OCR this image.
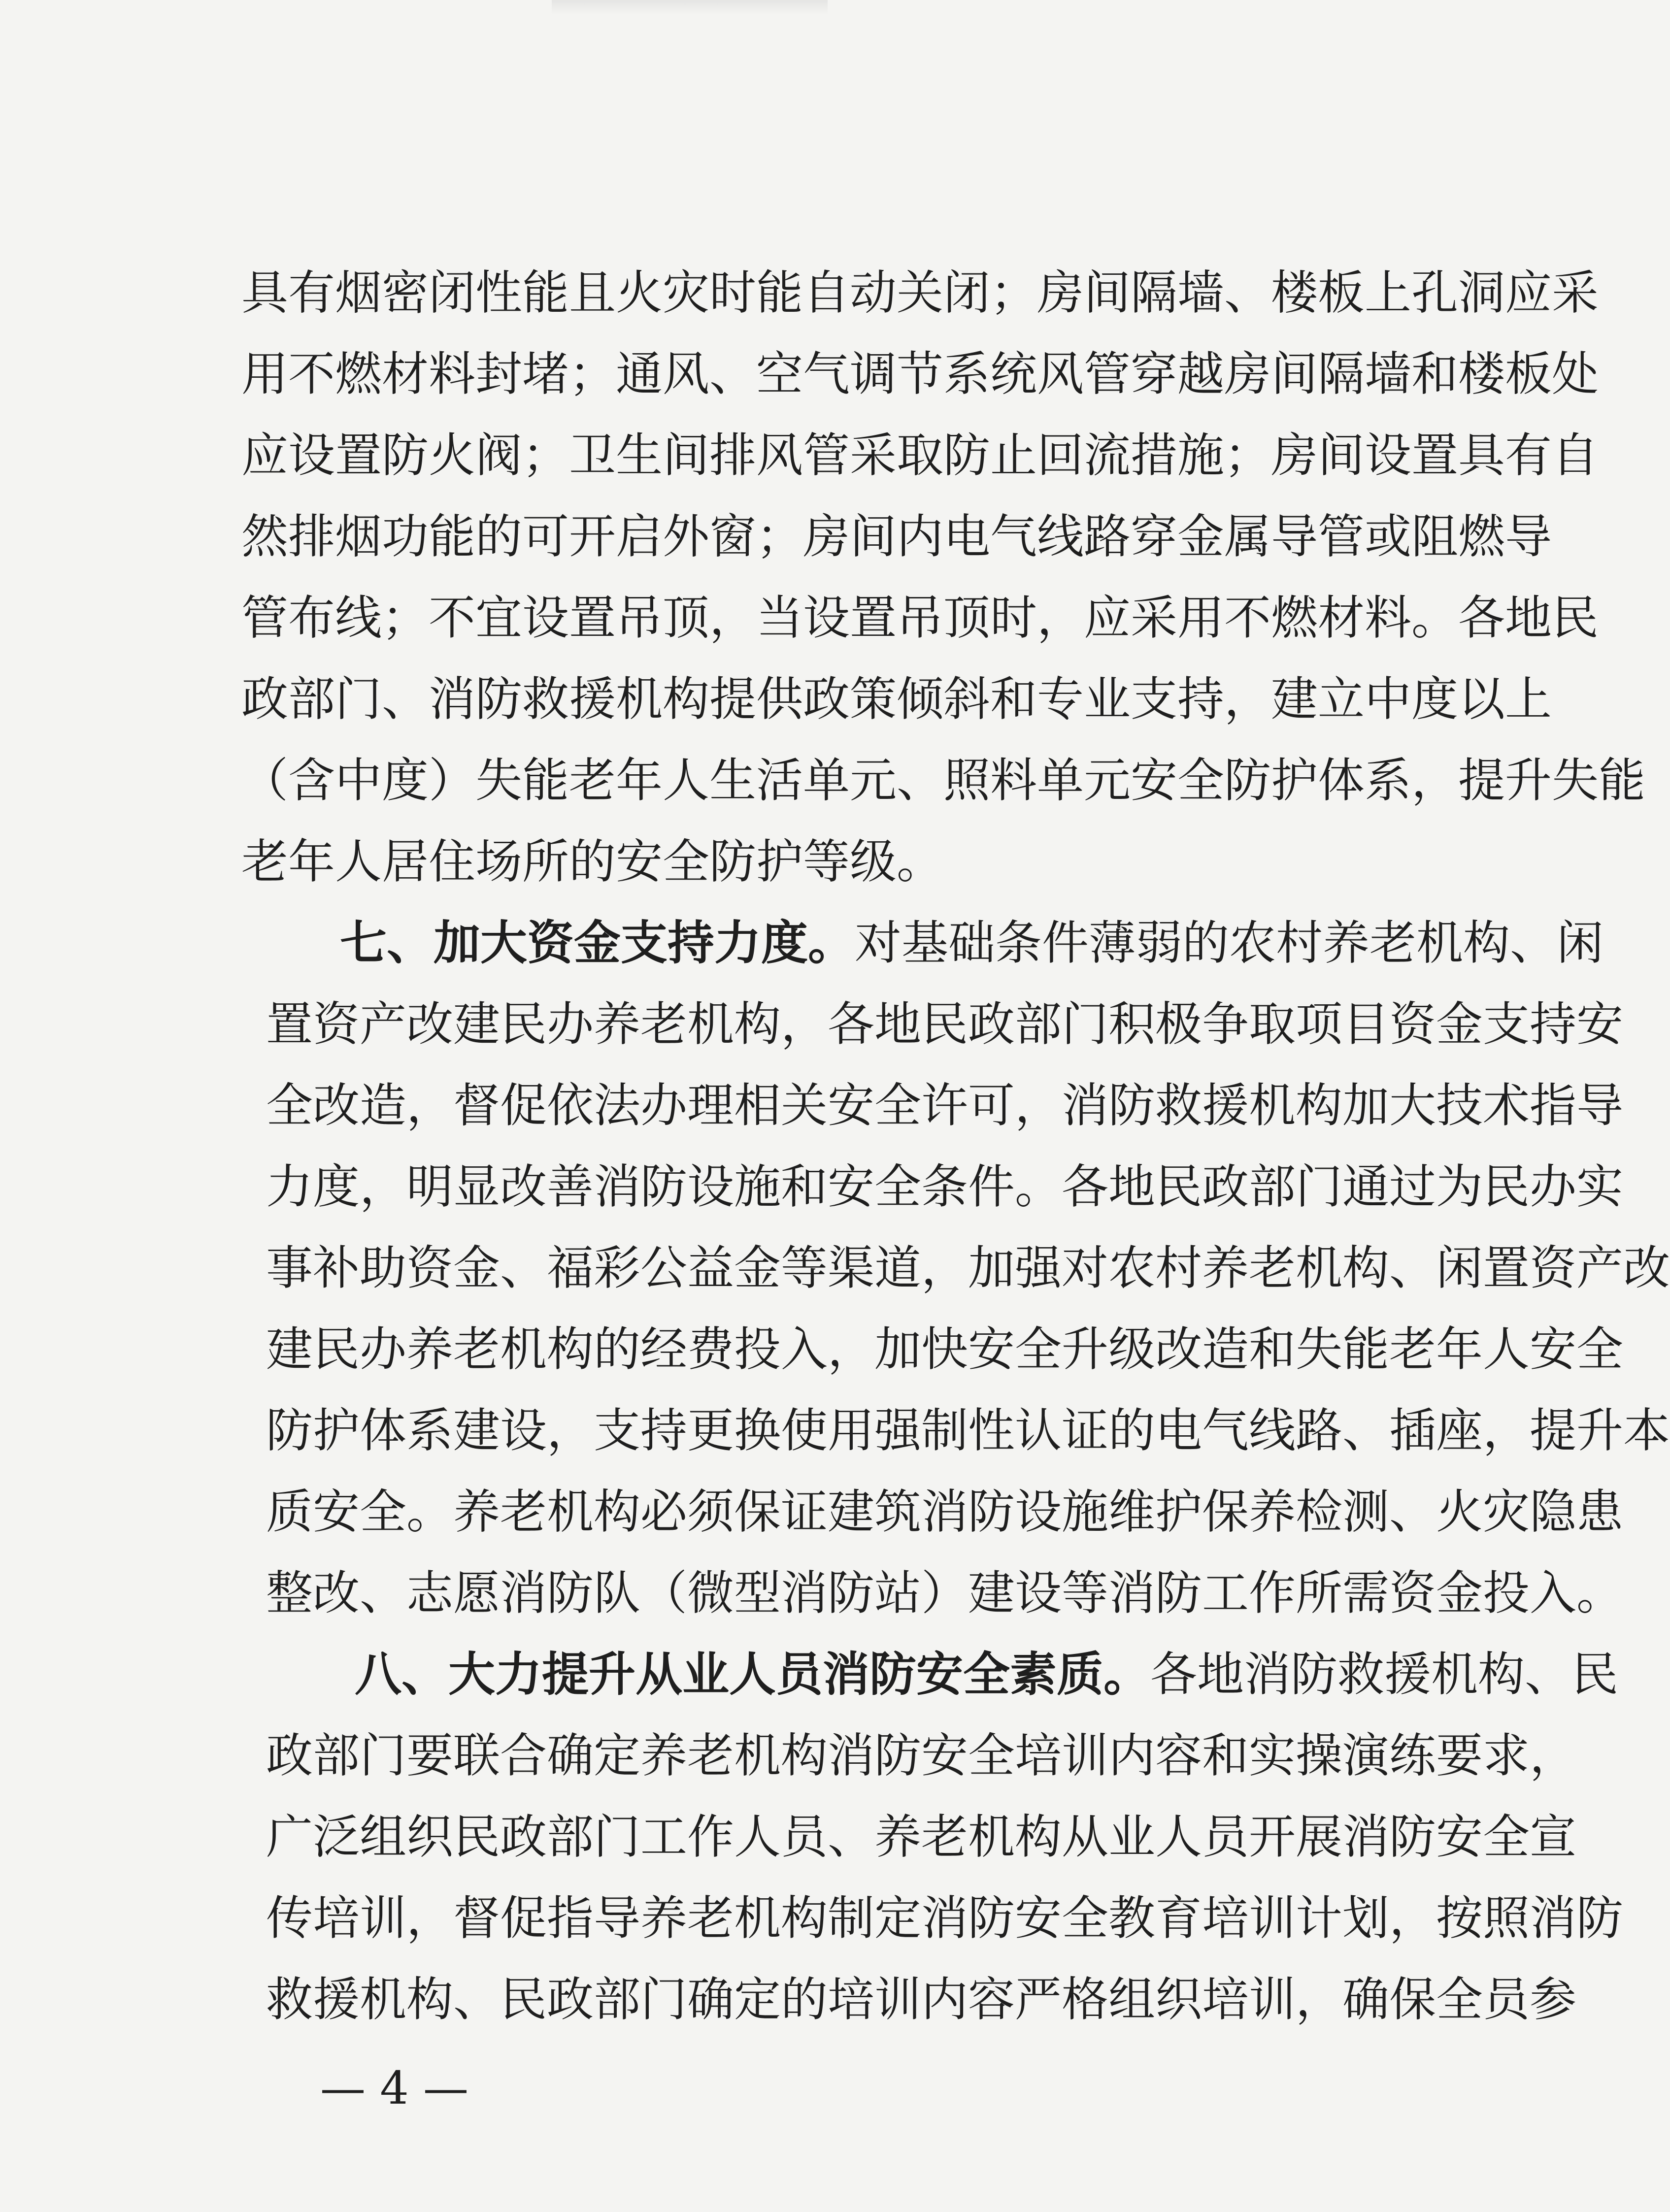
具有烟密闭性能且火灾时能自动关闭；房间隔墙、楼板上孔洞应采
用不燃材料封堵；通风、空气调节系统风管穿越房间隔墙和楼板处
应设置防火阀；卫生间排风管采取防止回流措施；房间设置具有自
然排烟功能的可开启外窗；房间内电气线路穿金属导管或阻燃导
管布线；不宜设置吊顶，当设置吊顶时，应采用不燃材料。各地民
政部门、消防救援机构提供政策倾斜和专业支持，建立中度以上
（含中度）失能老年人生活单元、照料单元安全防护体系，提升失能
老年人居住场所的安全防护等级。
七、加大资金支持力度。对基础条件薄弱的农村养老机构、闲
置资产改建民办养老机构，各地民政部门积极争取项目资金支持安
全改造，督促依法办理相关安全许可，消防救援机构加大技术指导
力度，明显改善消防设施和安全条件。各地民政部门通过为民办实
事补助资金、福彩公益金等渠道，加强对农村养老机构、闲置资产改
建民办养老机构的经费投入，加快安全升级改造和失能老年人安全
防护体系建设，支持更换使用强制性认证的电气线路、插座，提升本
质安全。养老机构必须保证建筑消防设施维护保养检测、火灾隐患
整改、志愿消防队（微型消防站）建设等消防工作所需资金投入。
八、大力提升从业人员消防安全素质。各地消防救援机构、民
政部门要联合确定养老机构消防安全培训内容和实操演练要求，
广泛组织民政部门工作人员、养老机构从业人员开展消防安全宣
传培训，督促指导养老机构制定消防安全教育培训计划，按照消防
救援机构、民政部门确定的培训内容严格组织培训，确保全员参
— 4 —
